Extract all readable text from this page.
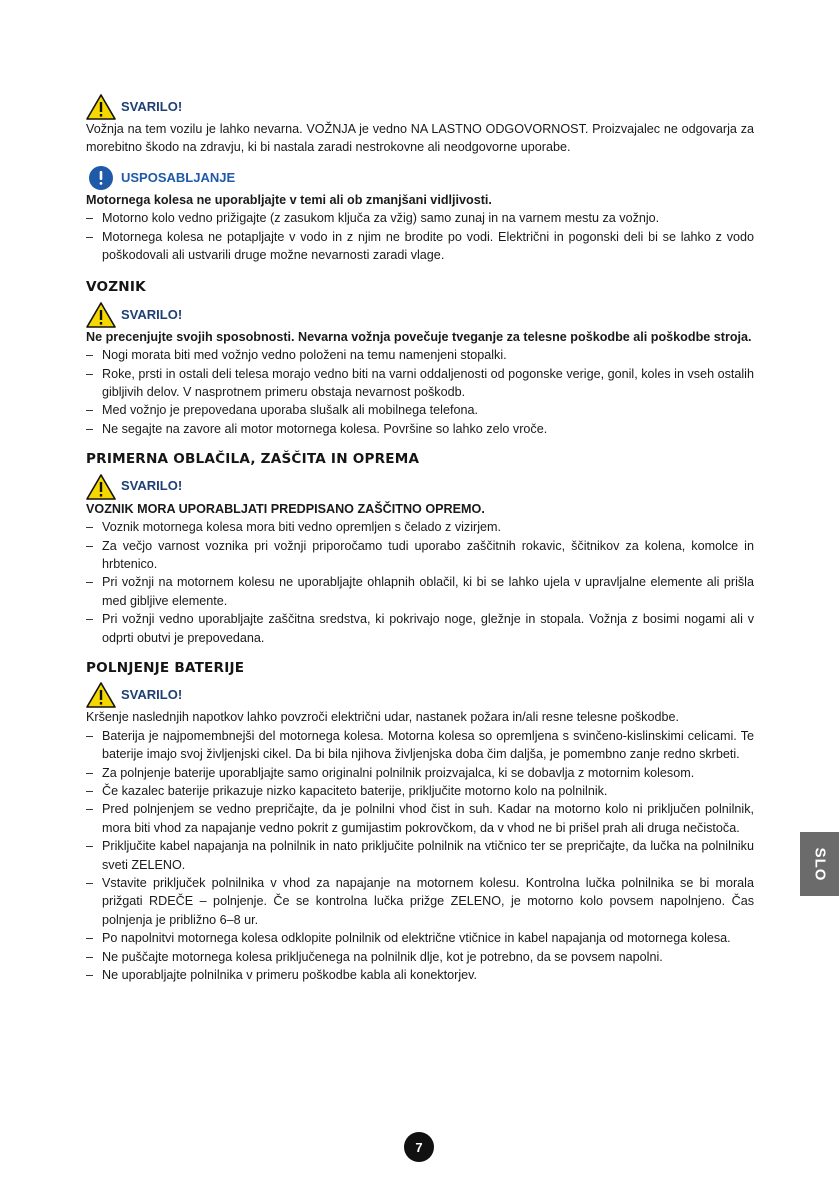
SVARILO!

Vožnja na tem vozilu je lahko nevarna. VOŽNJA je vedno NA LASTNO ODGOVORNOST. Proizvajalec ne odgovarja za morebitno škodo na zdravju, ki bi nastala zaradi nestrokovne ali neodgovorne uporabe.

USPOSABLJANJE

Motornega kolesa ne uporabljajte v temi ali ob zmanjšani vidljivosti.

– Motorno kolo vedno prižigajte (z zasukom ključa za vžig) samo zunaj in na varnem mestu za vožnjo.
– Motornega kolesa ne potapljajte v vodo in z njim ne brodite po vodi. Električni in pogonski deli bi se lahko z vodo poškodovali ali ustvarili druge možne nevarnosti zaradi vlage.
VOZNIK
SVARILO!

Ne precenjujte svojih sposobnosti. Nevarna vožnja povečuje tveganje za telesne poškodbe ali poškodbe stroja.

– Nogi morata biti med vožnjo vedno položeni na temu namenjeni stopalki.
– Roke, prsti in ostali deli telesa morajo vedno biti na varni oddaljenosti od pogonske verige, gonil, koles in vseh ostalih gibljivih delov. V nasprotnem primeru obstaja nevarnost poškodb.
– Med vožnjo je prepovedana uporaba slušalk ali mobilnega telefona.
– Ne segajte na zavore ali motor motornega kolesa. Površine so lahko zelo vroče.
PRIMERNA OBLAČILA, ZAŠČITA IN OPREMA
SVARILO!

VOZNIK MORA UPORABLJATI PREDPISANO ZAŠČITNO OPREMO.

– Voznik motornega kolesa mora biti vedno opremljen s čelado z vizirjem.
– Za večjo varnost voznika pri vožnji priporočamo tudi uporabo zaščitnih rokavic, ščitnikov za kolena, komolce in hrbtenico.
– Pri vožnji na motornem kolesu ne uporabljajte ohlapnih oblačil, ki bi se lahko ujela v upravljalne elemente ali prišla med gibljive elemente.
– Pri vožnji vedno uporabljajte zaščitna sredstva, ki pokrivajo noge, gležnje in stopala. Vožnja z bosimi nogami ali v odprti obutvi je prepovedana.
POLNJENJE BATERIJE
SVARILO!

Kršenje naslednjih napotkov lahko povzroči električni udar, nastanek požara in/ali resne telesne poškodbe.

– Baterija je najpomembnejši del motornega kolesa. Motorna kolesa so opremljena s svinčeno-kislinskimi celicami. Te baterije imajo svoj življenjski cikel. Da bi bila njihova življenjska doba čim daljša, je pomembno zanje redno skrbeti.
– Za polnjenje baterije uporabljajte samo originalni polnilnik proizvajalca, ki se dobavlja z motornim kolesom.
– Če kazalec baterije prikazuje nizko kapaciteto baterije, priključite motorno kolo na polnilnik.
– Pred polnjenjem se vedno prepričajte, da je polnilni vhod čist in suh. Kadar na motorno kolo ni priključen polnilnik, mora biti vhod za napajanje vedno pokrit z gumijastim pokrovčkom, da v vhod ne bi prišel prah ali druga nečistoča.
– Priključite kabel napajanja na polnilnik in nato priključite polnilnik na vtičnico ter se prepričajte, da lučka na polnilniku sveti ZELENO.
– Vstavite priključek polnilnika v vhod za napajanje na motornem kolesu. Kontrolna lučka polnilnika se bi morala prižgati RDEČE – polnjenje. Če se kontrolna lučka prižge ZELENO, je motorno kolo povsem napolnjeno. Čas polnjenja je približno 6–8 ur.
– Po napolnitvi motornega kolesa odklopite polnilnik od električne vtičnice in kabel napajanja od motornega kolesa.
– Ne puščajte motornega kolesa priključenega na polnilnik dlje, kot je potrebno, da se povsem napolni.
– Ne uporabljajte polnilnika v primeru poškodbe kabla ali konektorjev.
SLO
7
